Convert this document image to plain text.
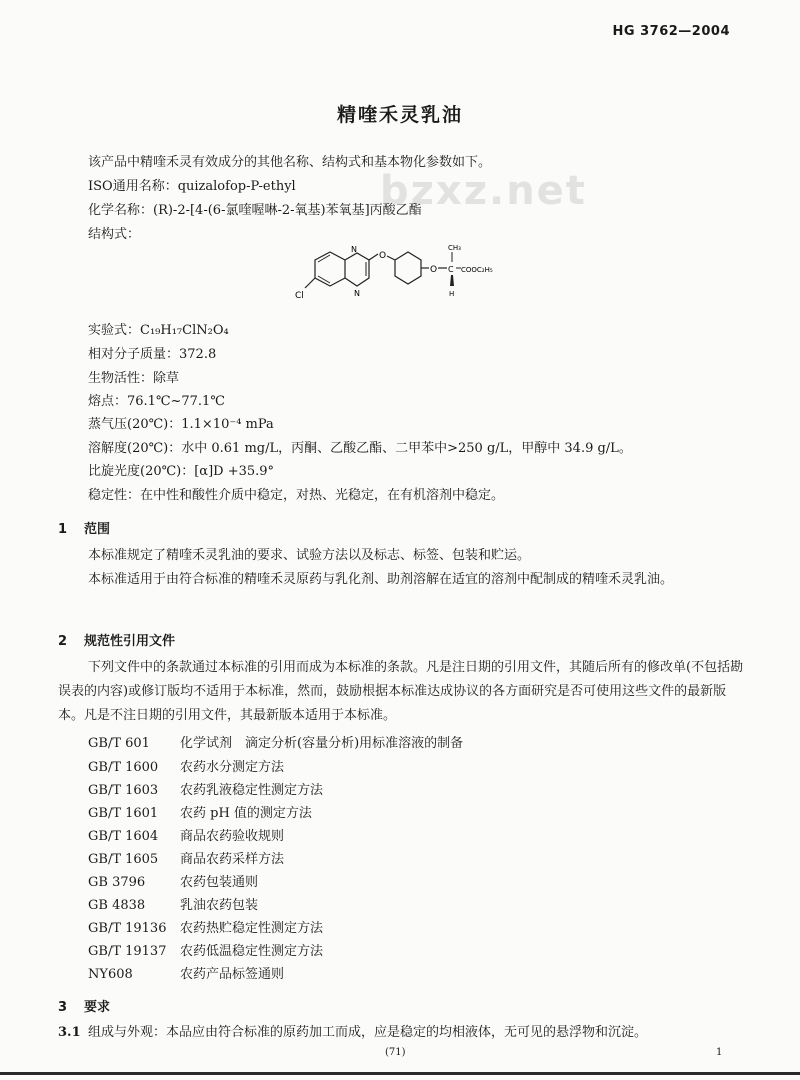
HG 3762—2004
精喹禾灵乳油
bzxz.net
该产品中精喹禾灵有效成分的其他名称、结构式和基本物化参数如下。
ISO通用名称：quizalofop-P-ethyl
化学名称：(R)-2-[4-(6-氯喹喔啉-2-氧基)苯氧基]丙酸乙酯
结构式：
N
N
Cl
O
O
CH₃
C COOC₂H₅
H
实验式：C₁₉H₁₇ClN₂O₄
相对分子质量：372.8
生物活性：除草
熔点：76.1℃~77.1℃
蒸气压(20℃)：1.1×10⁻⁴ mPa
溶解度(20℃)：水中 0.61 mg/L，丙酮、乙酸乙酯、二甲苯中>250 g/L，甲醇中 34.9 g/L。
比旋光度(20℃)：[α]D +35.9°
稳定性：在中性和酸性介质中稳定，对热、光稳定，在有机溶剂中稳定。
1 范围
本标准规定了精喹禾灵乳油的要求、试验方法以及标志、标签、包装和贮运。
本标准适用于由符合标准的精喹禾灵原药与乳化剂、助剂溶解在适宜的溶剂中配制成的精喹禾灵乳油。
2 规范性引用文件
下列文件中的条款通过本标准的引用而成为本标准的条款。凡是注日期的引用文件，其随后所有的修改单(不包括勘误表的内容)或修订版均不适用于本标准，然而，鼓励根据本标准达成协议的各方面研究是否可使用这些文件的最新版本。凡是不注日期的引用文件，其最新版本适用于本标准。
GB/T 601 化学试剂　滴定分析(容量分析)用标准溶液的制备
GB/T 1600 农药水分测定方法
GB/T 1603 农药乳液稳定性测定方法
GB/T 1601 农药 pH 值的测定方法
GB/T 1604 商品农药验收规则
GB/T 1605 商品农药采样方法
GB 3796	农药包装通则
GB 4838	乳油农药包装
GB/T 19136 农药热贮稳定性测定方法
GB/T 19137 农药低温稳定性测定方法
NY608	农药产品标签通则
3 要求
3.1 组成与外观：本品应由符合标准的原药加工而成，应是稳定的均相液体，无可见的悬浮物和沉淀。
(71)	1
